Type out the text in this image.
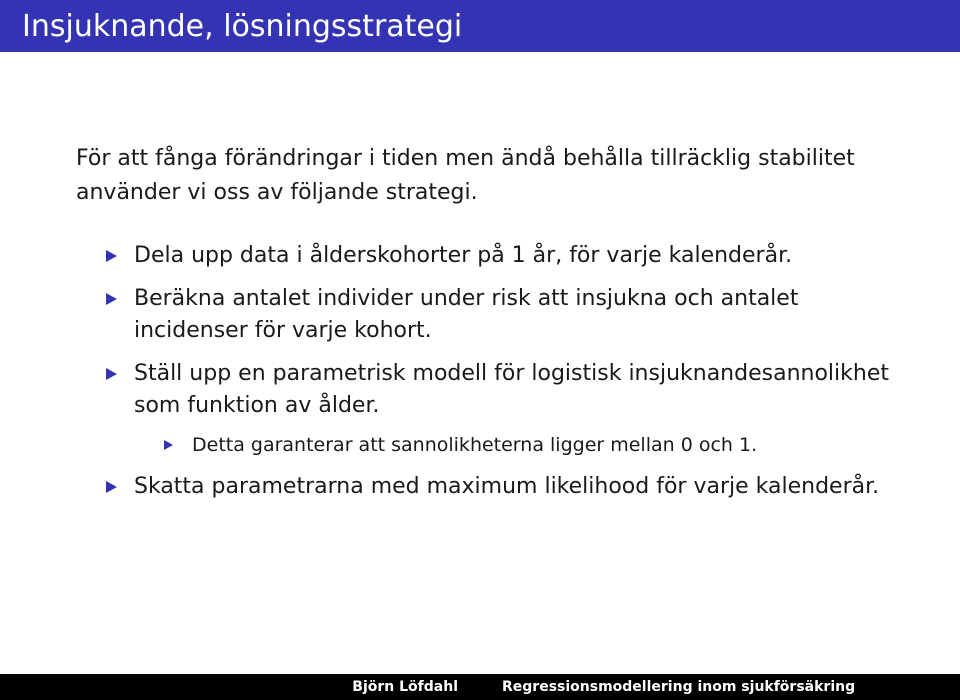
Insjuknande, lösningsstrategi

För att fånga förändringar i tiden men ändå behålla tillräcklig stabilitet använder vi oss av följande strategi.

Dela upp data i ålderskohorter på 1 år, för varje kalenderår.
Beräkna antalet individer under risk att insjukna och antalet incidenser för varje kohort.
Ställ upp en parametrisk modell för logistisk insjuknandesannolikhet som funktion av ålder.
Detta garanterar att sannolikheterna ligger mellan 0 och 1.
Skatta parametrarna med maximum likelihood för varje kalenderår.
Björn Löfdahl	Regressionsmodellering inom sjukförsäkring
